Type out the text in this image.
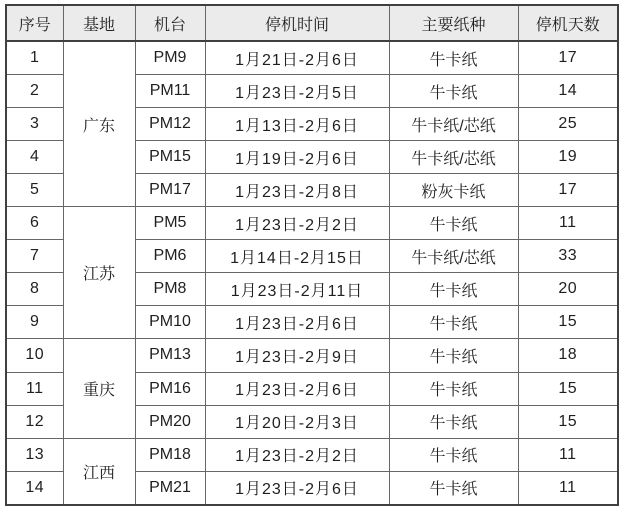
序号	基地	机台	停机时间	主要纸种	停机天数
1	广东	PM9	1月21日-2月6日	牛卡纸	17
2		PM11	1月23日-2月5日	牛卡纸	14
3		PM12	1月13日-2月6日	牛卡纸/芯纸	25
4		PM15	1月19日-2月6日	牛卡纸/芯纸	19
5		PM17	1月23日-2月8日	粉灰卡纸	17
6	江苏	PM5	1月23日-2月2日	牛卡纸	11
7		PM6	1月14日-2月15日	牛卡纸/芯纸	33
8		PM8	1月23日-2月11日	牛卡纸	20
9		PM10	1月23日-2月6日	牛卡纸	15
10	重庆	PM13	1月23日-2月9日	牛卡纸	18
11		PM16	1月23日-2月6日	牛卡纸	15
12		PM20	1月20日-2月3日	牛卡纸	15
13	江西	PM18	1月23日-2月2日	牛卡纸	11
14		PM21	1月23日-2月6日	牛卡纸	11
